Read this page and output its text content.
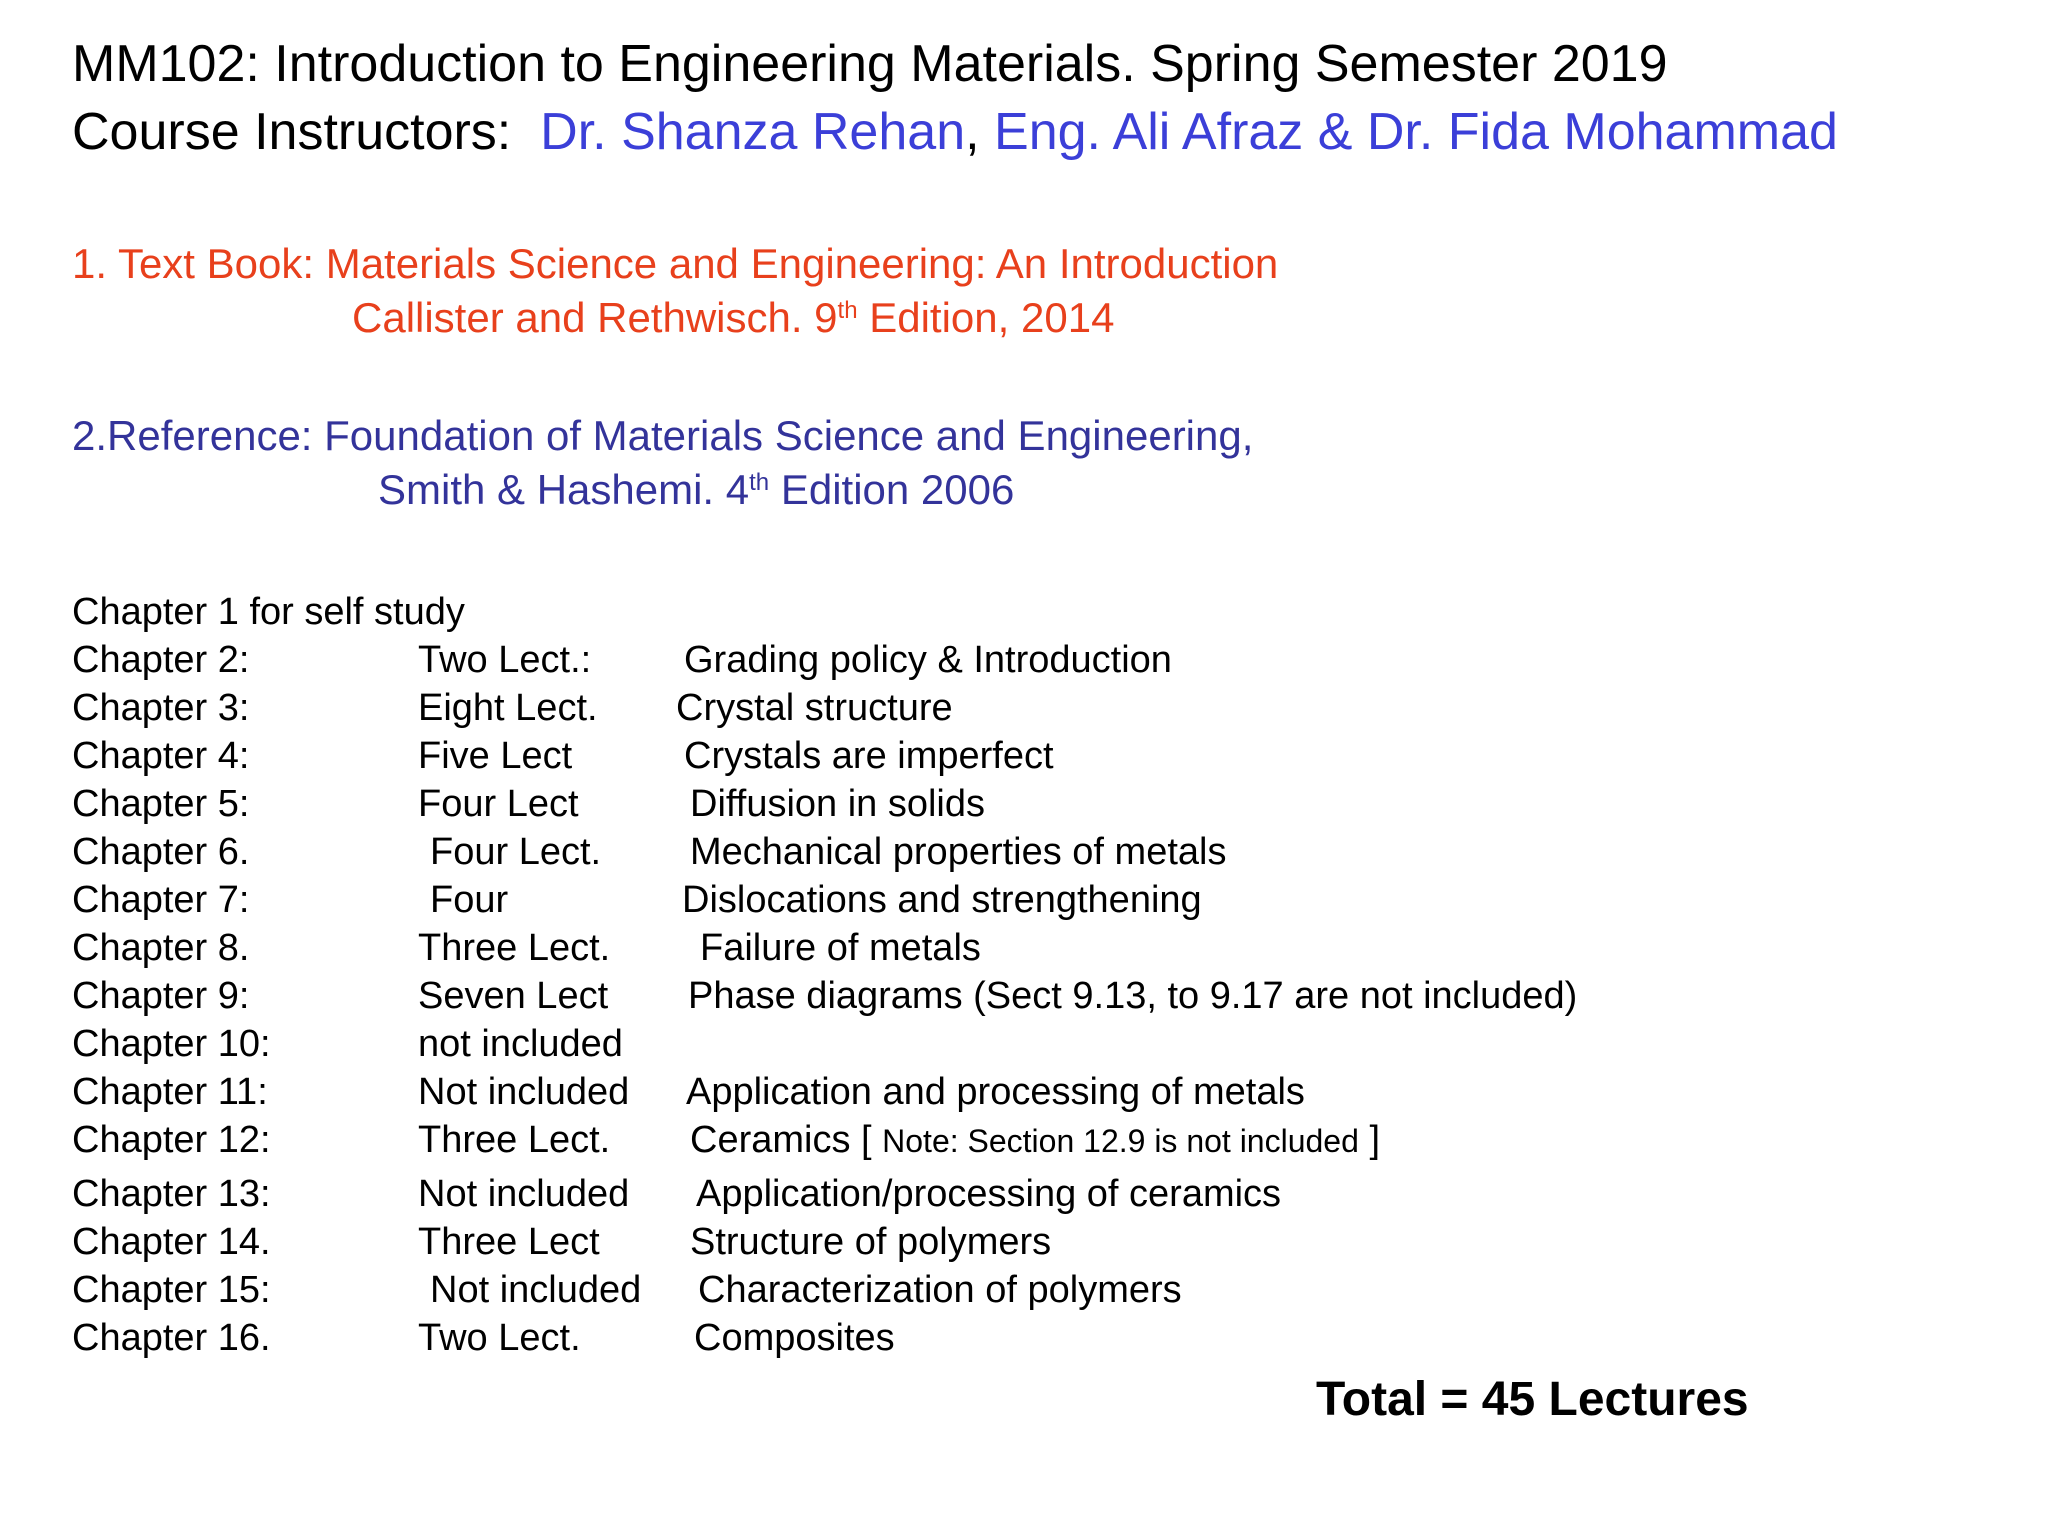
MM102: Introduction to Engineering Materials. Spring Semester 2019
Course Instructors: Dr. Shanza Rehan, Eng. Ali Afraz & Dr. Fida Mohammad
1. Text Book: Materials Science and Engineering: An Introduction
Callister and Rethwisch. 9th Edition, 2014
2.Reference: Foundation of Materials Science and Engineering,
Smith & Hashemi. 4th Edition 2006
Chapter 1 for self study
Chapter 2:	Two Lect.: Grading policy & Introduction
Chapter 3:	Eight Lect. Crystal structure
Chapter 4:	Five Lect	Crystals are imperfect
Chapter 5:	Four Lect	Diffusion in solids
Chapter 6.	Four Lect. Mechanical properties of metals
Chapter 7:	Four	Dislocations and strengthening
Chapter 8.	Three Lect. Failure of metals
Chapter 9:	Seven Lect Phase diagrams (Sect 9.13, to 9.17 are not included)
Chapter 10:	not included
Chapter 11:	Not included Application and processing of metals
Chapter 12:	Three Lect. Ceramics [ Note: Section 12.9 is not included ]
Chapter 13:	Not included Application/processing of ceramics
Chapter 14.	Three Lect Structure of polymers
Chapter 15:	Not included Characterization of polymers
Chapter 16.	Two Lect.	Composites
Total = 45 Lectures
